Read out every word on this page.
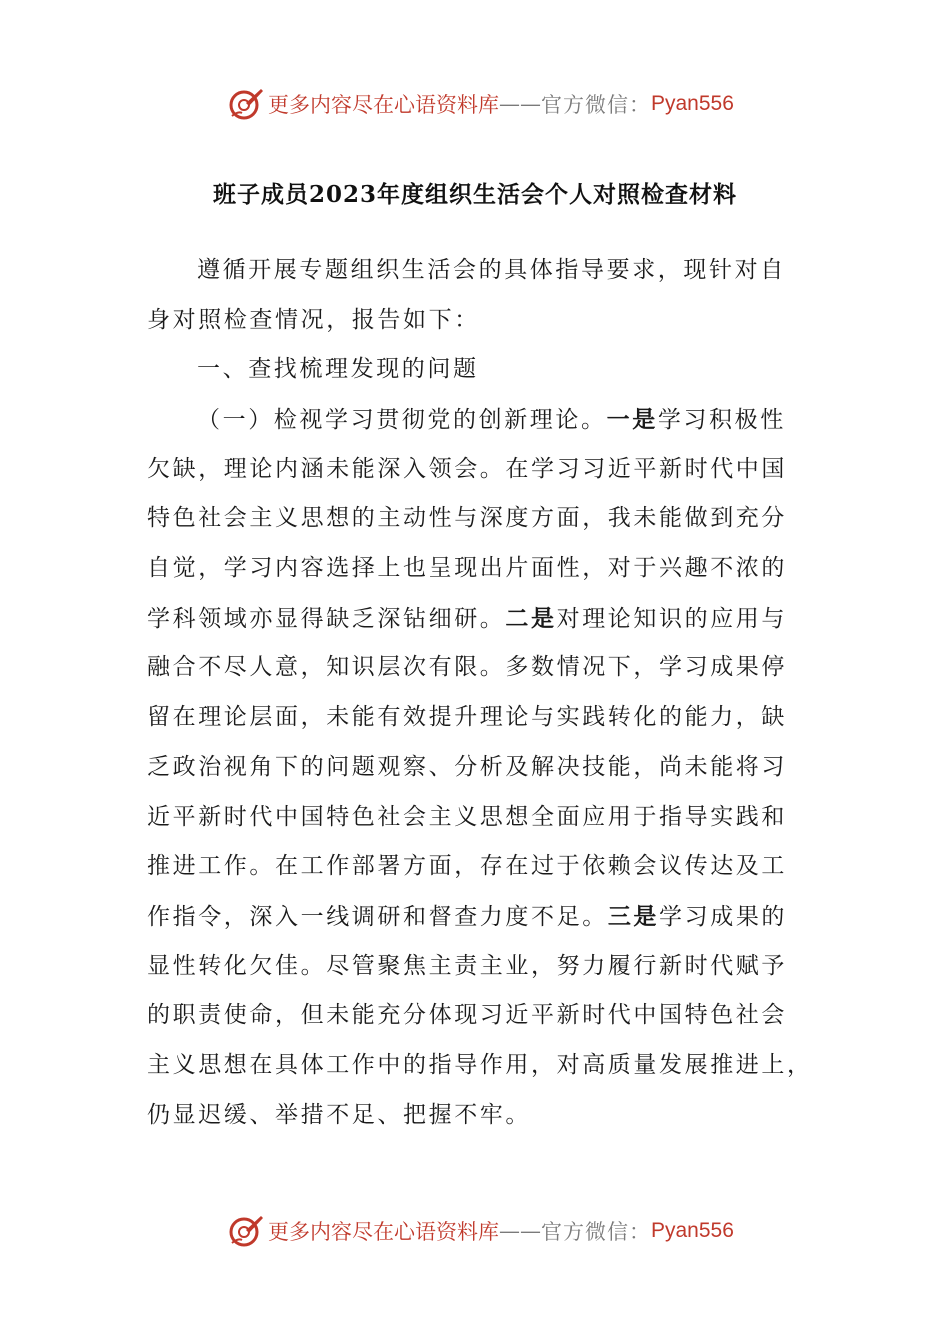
更多内容尽在心语资料库 —— 官方微信： Pyan556
班子成员2023年度组织生活会个人对照检查材料
遵循开展专题组织生活会的具体指导要求，现针对自
身对照检查情况，报告如下：
一、查找梳理发现的问题
（一）检视学习贯彻党的创新理论。一是学习积极性
欠缺，理论内涵未能深入领会。在学习习近平新时代中国
特色社会主义思想的主动性与深度方面，我未能做到充分
自觉，学习内容选择上也呈现出片面性，对于兴趣不浓的
学科领域亦显得缺乏深钻细研。二是对理论知识的应用与
融合不尽人意，知识层次有限。多数情况下，学习成果停
留在理论层面，未能有效提升理论与实践转化的能力，缺
乏政治视角下的问题观察、分析及解决技能，尚未能将习
近平新时代中国特色社会主义思想全面应用于指导实践和
推进工作。在工作部署方面，存在过于依赖会议传达及工
作指令，深入一线调研和督查力度不足。三是学习成果的
显性转化欠佳。尽管聚焦主责主业，努力履行新时代赋予
的职责使命，但未能充分体现习近平新时代中国特色社会
主义思想在具体工作中的指导作用，对高质量发展推进上，
仍显迟缓、举措不足、把握不牢。
更多内容尽在心语资料库 —— 官方微信： Pyan556
